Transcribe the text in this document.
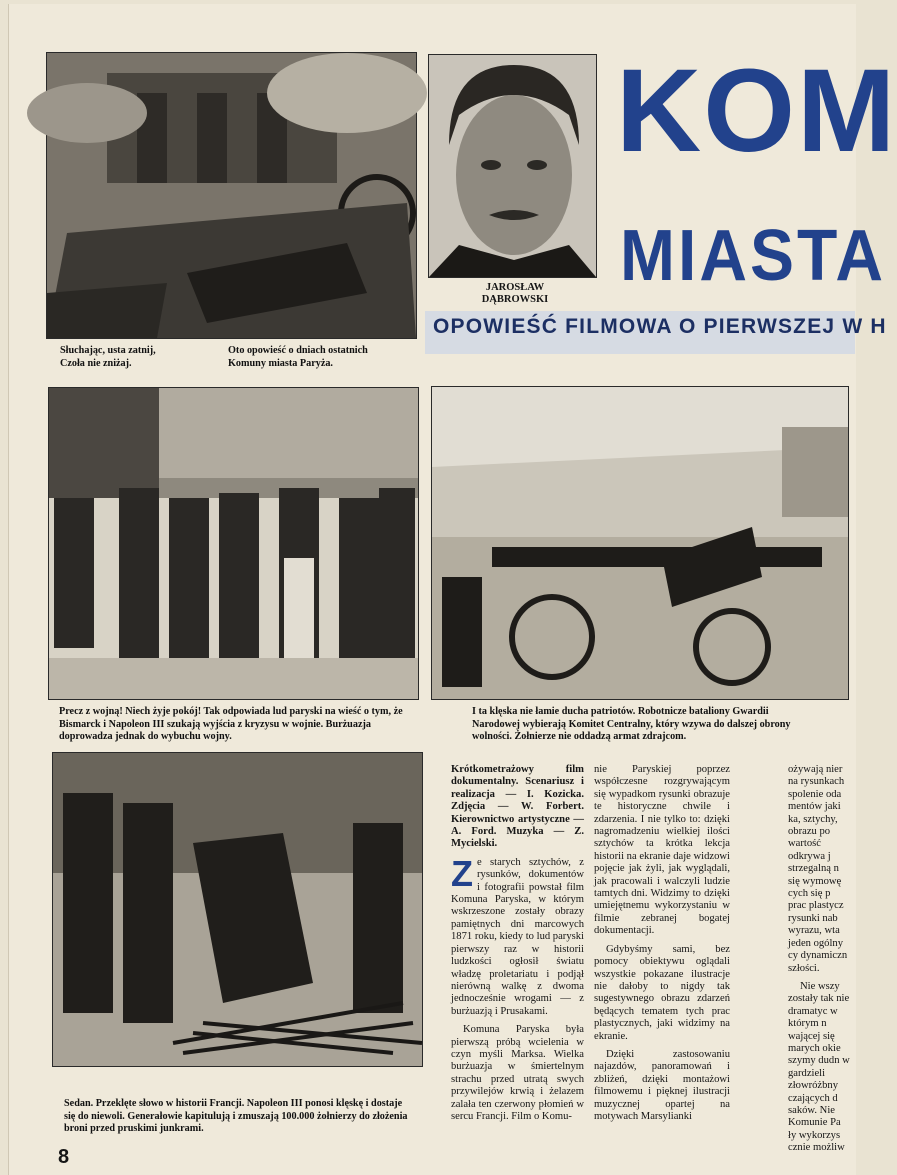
JAROSŁAW
DĄBROWSKI
KOM
MIASTA
OPOWIEŚĆ FILMOWA O PIERWSZEJ W H
Słuchając, usta zatnij, Czoła nie zniżaj.
Oto opowieść o dniach ostatnich Komuny miasta Paryża.
Precz z wojną! Niech żyje pokój! Tak odpowiada lud paryski na wieść o tym, że Bismarck i Napoleon III szukają wyjścia z kryzysu w wojnie. Burżuazja doprowadza jednak do wybuchu wojny.
I ta klęska nie łamie ducha patriotów. Robotnicze bataliony Gwardii Narodowej wybierają Komitet Centralny, który wzywa do dalszej obrony wolności. Żołnierze nie oddadzą armat zdrajcom.
Sedan. Przeklęte słowo w historii Francji. Napoleon III ponosi klęskę i dostaje się do niewoli. Generałowie kapitulują i zmuszają 100.000 żołnierzy do złożenia broni przed pruskimi junkrami.

Krótkometrażowy film dokumentalny. Scenariusz i realizacja — I. Kozicka. Zdjęcia — W. Forbert. Kierownictwo artystyczne — A. Ford. Muzyka — Z. Mycielski.

Ze starych sztychów, z rysunków, dokumentów i fotografii powstał film Komuna Paryska, w którym wskrzeszone zostały obrazy pamiętnych dni marcowych 1871 roku, kiedy to lud paryski pierwszy raz w historii ludzkości ogłosił światu władzę proletariatu i podjął nierówną walkę z dwoma jednocześnie wrogami — z burżuazją i Prusakami.

Komuna Paryska była pierwszą próbą wcielenia w czyn myśli Marksa. Wielka burżuazja w śmiertelnym strachu przed utratą swych przywilejów krwią i żelazem zalała ten czerwony płomień w sercu Francji. Film o Komu-

nie Paryskiej poprzez współczesne rozgrywającym się wypadkom rysunki obrazuje te historyczne chwile i zdarzenia. I nie tylko to: dzięki nagromadzeniu wielkiej ilości sztychów ta krótka lekcja historii na ekranie daje widzowi pojęcie jak żyli, jak wyglądali, jak pracowali i walczyli ludzie tamtych dni. Widzimy to dzięki umiejętnemu wykorzystaniu w filmie zebranej bogatej dokumentacji.

Gdybyśmy sami, bez pomocy obiektywu oglądali wszystkie pokazane ilustracje nie dałoby to nigdy tak sugestywnego obrazu zdarzeń będących tematem tych prac plastycznych, jaki widzimy na ekranie.

Dzięki zastosowaniu najazdów, panoramowań i zbliżeń, dzięki montażowi filmowemu i pięknej ilustracji muzycznej opartej na motywach Marsylianki

ożywają nier na rysunkach spolenie oda mentów jaki ka, sztychy, obrazu po wartość odkrywa j strzegalną n się wymowę cych się p prac plastycz rysunki nab wyrazu, wta jeden ogólny cy dynamiczn szłości.

Nie wszy zostały tak nie dramatyc w którym n wającej się marych okie szymy dudn w gardzieli złowróżbny czających d saków. Nie Komunie Pa ły wykorzys cznie możliw

8
